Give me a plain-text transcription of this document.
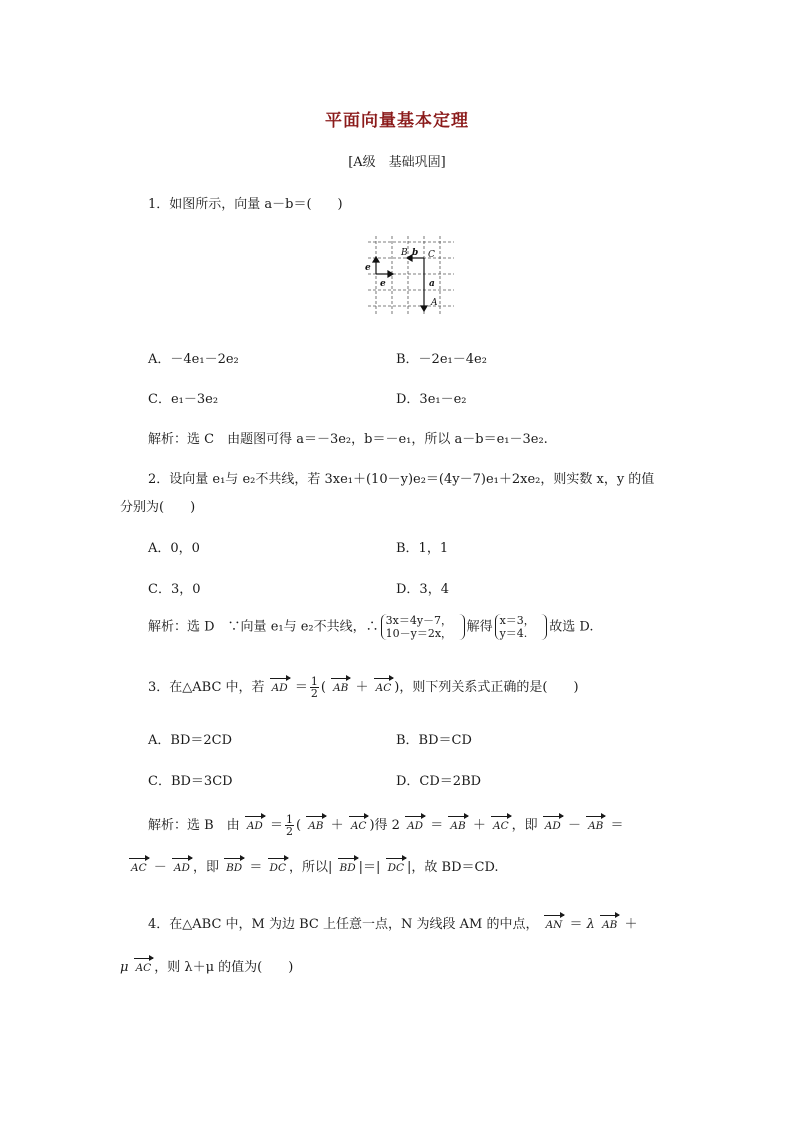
平面向量基本定理
[A级　基础巩固]
1．如图所示，向量 a－b＝(　　)
B b C
e
e	a
A
A．－4e₁－2e₂	B．－2e₁－4e₂
C．e₁－3e₂	D．3e₁－e₂
解析：选 C　由题图可得 a＝－3e₂，b＝－e₁，所以 a－b＝e₁－3e₂.
2．设向量 e₁与 e₂不共线，若 3xe₁＋(10－y)e₂＝(4y－7)e₁＋2xe₂，则实数 x，y 的值
分别为(　　)
A．0，0	B．1，1
C．3，0	D．3，4
解析：选 D　∵向量 e₁与 e₂不共线，∴ 3x＝4y－7，
10－y＝2x， 解得 x＝3，
y＝4. 故选 D.
3．在△ABC 中，若 AD ＝ $\frac{1}{2}$ ( AB ＋ AC )，则下列关系式正确的是(　　)
A．BD＝2CD	B．BD＝CD
C．BD＝3CD	D．CD＝2BD
解析：选 B　由 AD ＝ $\frac{1}{2}$ ( AB ＋ AC )得 2 AD ＝ AB ＋ AC ，即 AD － AB ＝
AC － AD ，即 BD ＝ DC ，所以| BD |＝| DC |，故 BD＝CD.
4．在△ABC 中，M 为边 BC 上任意一点，N 为线段 AM 的中点， AN ＝ λ AB ＋
μ AC ，则 λ＋μ 的值为(　　)
